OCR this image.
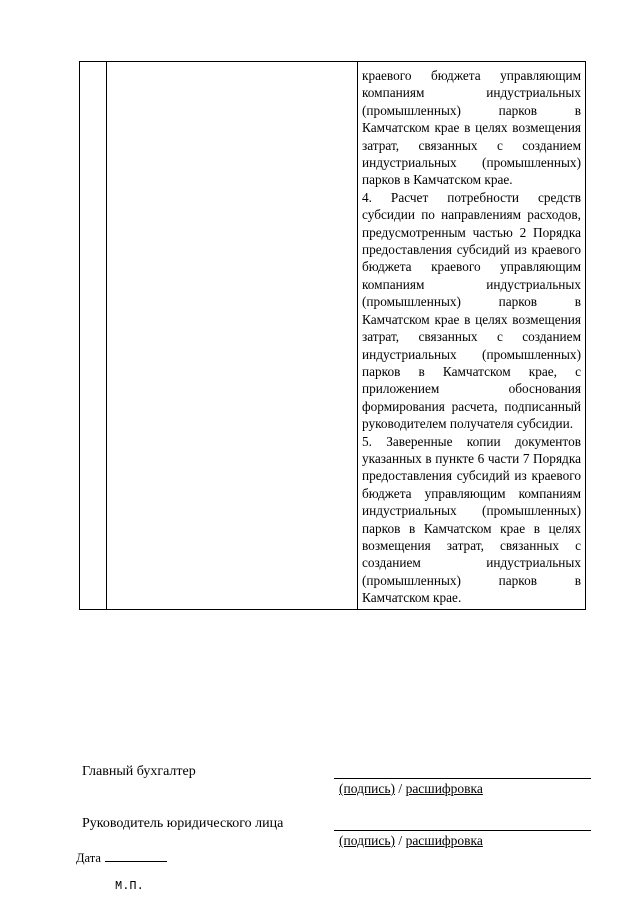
краевого бюджета управляющим компаниям индустриальных (промышленных) парков в Камчатском крае в целях возмещения затрат, связанных с созданием индустриальных (промышленных) парков в Камчатском крае.

4. Расчет потребности средств субсидии по направлениям расходов, предусмотренным частью 2 Порядка предоставления субсидий из краевого бюджета краевого управляющим компаниям индустриальных (промышленных) парков в Камчатском крае в целях возмещения затрат, связанных с созданием индустриальных (промышленных) парков в Камчатском крае, с приложением обоснования формирования расчета, подписанный руководителем получателя субсидии.

5. Заверенные копии документов указанных в пункте 6 части 7 Порядка предоставления субсидий из краевого бюджета управляющим компаниям индустриальных (промышленных) парков в Камчатском крае в целях возмещения затрат, связанных с созданием индустриальных (промышленных) парков в Камчатском крае.

Главный бухгалтер
(подпись) / расшифровка
Руководитель юридического лица
(подпись) / расшифровка
Дата
М.П.
